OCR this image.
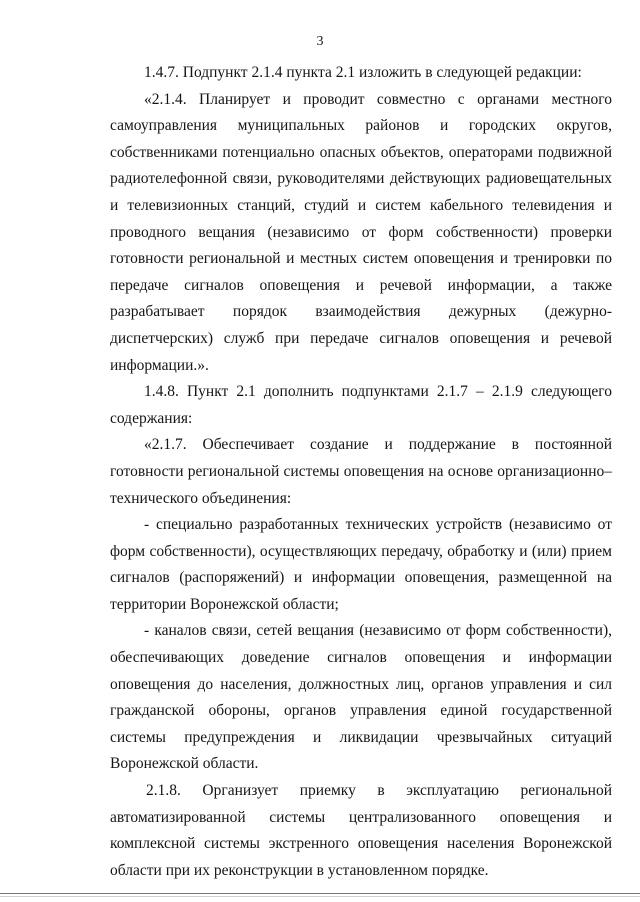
3

1.4.7. Подпункт 2.1.4 пункта 2.1 изложить в следующей редакции:

«2.1.4. Планирует и проводит совместно с органами местного самоуправления муниципальных районов и городских округов, собственниками потенциально опасных объектов, операторами подвижной радиотелефонной связи, руководителями действующих радиовещательных и телевизионных станций, студий и систем кабельного телевидения и проводного вещания (независимо от форм собственности) проверки готовности региональной и местных систем оповещения и тренировки по передаче сигналов оповещения и речевой информации, а также разрабатывает порядок взаимодействия дежурных (дежурно-диспетчерских) служб при передаче сигналов оповещения и речевой информации.».

1.4.8. Пункт 2.1 дополнить подпунктами 2.1.7 – 2.1.9 следующего содержания:

«2.1.7. Обеспечивает создание и поддержание в постоянной готовности региональной системы оповещения на основе организационно–технического объединения:

- специально разработанных технических устройств (независимо от форм собственности), осуществляющих передачу, обработку и (или) прием сигналов (распоряжений) и информации оповещения, размещенной на территории Воронежской области;

- каналов связи, сетей вещания (независимо от форм собственности), обеспечивающих доведение сигналов оповещения и информации оповещения до населения, должностных лиц, органов управления и сил гражданской обороны, органов управления единой государственной системы предупреждения и ликвидации чрезвычайных ситуаций Воронежской области.

2.1.8. Организует приемку в эксплуатацию региональной автоматизированной системы централизованного оповещения и комплексной системы экстренного оповещения населения Воронежской области при их реконструкции в установленном порядке.
